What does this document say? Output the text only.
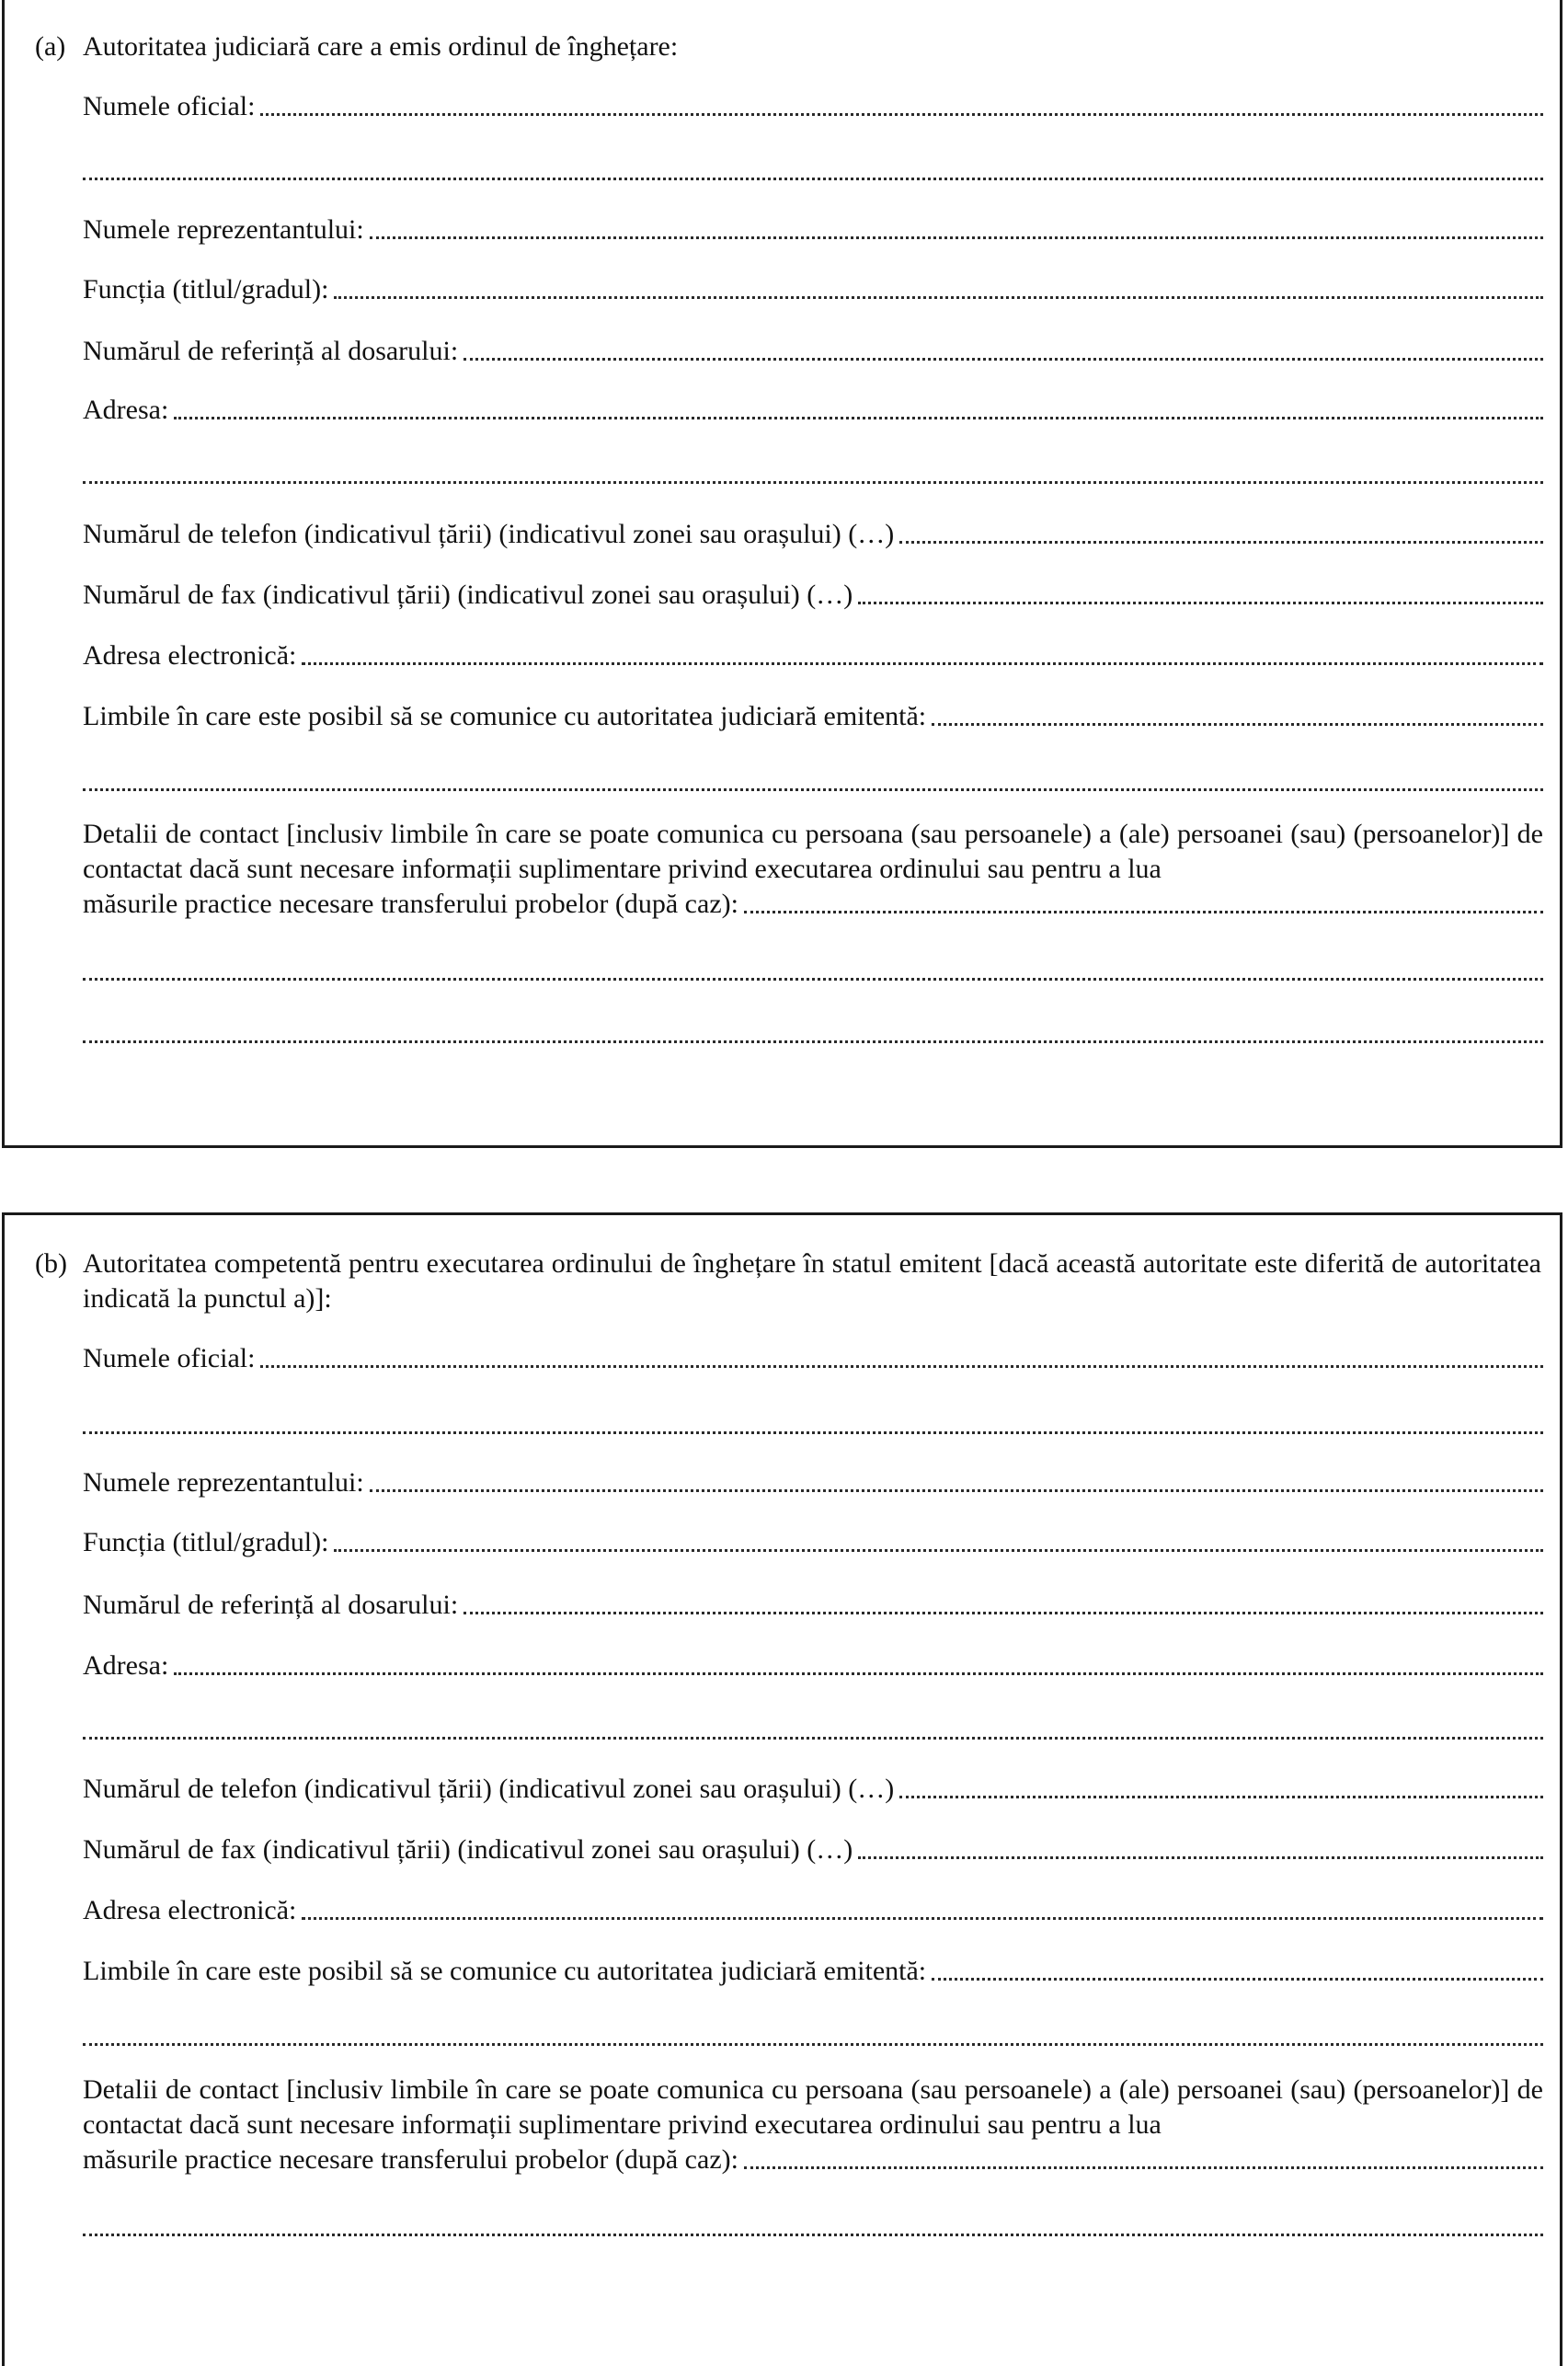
(a) Autoritatea judiciară care a emis ordinul de înghețare:
Numele oficial:
Numele reprezentantului:
Funcția (titlul/gradul):
Numărul de referință al dosarului:
Adresa:
Numărul de telefon (indicativul țării) (indicativul zonei sau orașului) (…)
Numărul de fax (indicativul țării) (indicativul zonei sau orașului) (…)
Adresa electronică:
Limbile în care este posibil să se comunice cu autoritatea judiciară emitentă:
Detalii de contact [inclusiv limbile în care se poate comunica cu persoana (sau persoanele) a (ale) persoanei (sau) (persoanelor)] de contactat dacă sunt necesare informații suplimentare privind executarea ordinului sau pentru a lua
măsurile practice necesare transferului probelor (după caz):
(b) Autoritatea competentă pentru executarea ordinului de înghețare în statul emitent [dacă această autoritate este diferită de autoritatea indicată la punctul a)]:
Numele oficial:
Numele reprezentantului:
Funcția (titlul/gradul):
Numărul de referință al dosarului:
Adresa:
Numărul de telefon (indicativul țării) (indicativul zonei sau orașului) (…)
Numărul de fax (indicativul țării) (indicativul zonei sau orașului) (…)
Adresa electronică:
Limbile în care este posibil să se comunice cu autoritatea judiciară emitentă:
Detalii de contact [inclusiv limbile în care se poate comunica cu persoana (sau persoanele) a (ale) persoanei (sau) (persoanelor)] de contactat dacă sunt necesare informații suplimentare privind executarea ordinului sau pentru a lua
măsurile practice necesare transferului probelor (după caz):
